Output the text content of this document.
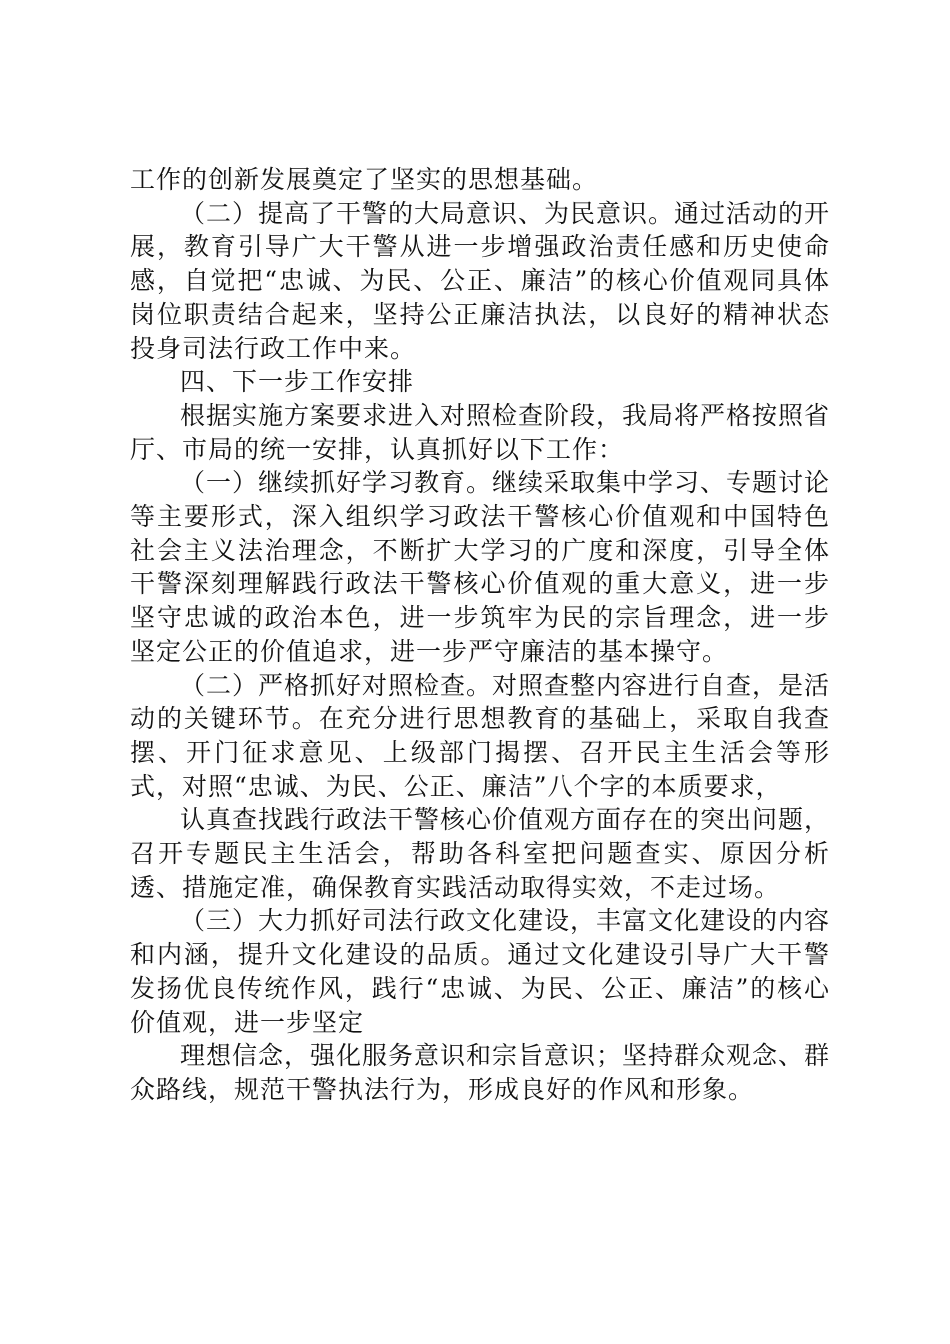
工作的创新发展奠定了坚实的思想基础。

（二）提高了干警的大局意识、为民意识。通过活动的开展，教育引导广大干警从进一步增强政治责任感和历史使命感，自觉把“忠诚、为民、公正、廉洁”的核心价值观同具体岗位职责结合起来，坚持公正廉洁执法，以良好的精神状态投身司法行政工作中来。

四、下一步工作安排

根据实施方案要求进入对照检查阶段，我局将严格按照省厅、市局的统一安排，认真抓好以下工作：

（一）继续抓好学习教育。继续采取集中学习、专题讨论等主要形式，深入组织学习政法干警核心价值观和中国特色社会主义法治理念，不断扩大学习的广度和深度，引导全体干警深刻理解践行政法干警核心价值观的重大意义，进一步坚守忠诚的政治本色，进一步筑牢为民的宗旨理念，进一步坚定公正的价值追求，进一步严守廉洁的基本操守。

（二）严格抓好对照检查。对照查整内容进行自查，是活动的关键环节。在充分进行思想教育的基础上，采取自我查摆、开门征求意见、上级部门揭摆、召开民主生活会等形式，对照“忠诚、为民、公正、廉洁”八个字的本质要求，

认真查找践行政法干警核心价值观方面存在的突出问题，召开专题民主生活会，帮助各科室把问题查实、原因分析透、措施定准，确保教育实践活动取得实效，不走过场。

（三）大力抓好司法行政文化建设，丰富文化建设的内容和内涵，提升文化建设的品质。通过文化建设引导广大干警发扬优良传统作风，践行“忠诚、为民、公正、廉洁”的核心价值观，进一步坚定

理想信念，强化服务意识和宗旨意识；坚持群众观念、群众路线，规范干警执法行为，形成良好的作风和形象。
